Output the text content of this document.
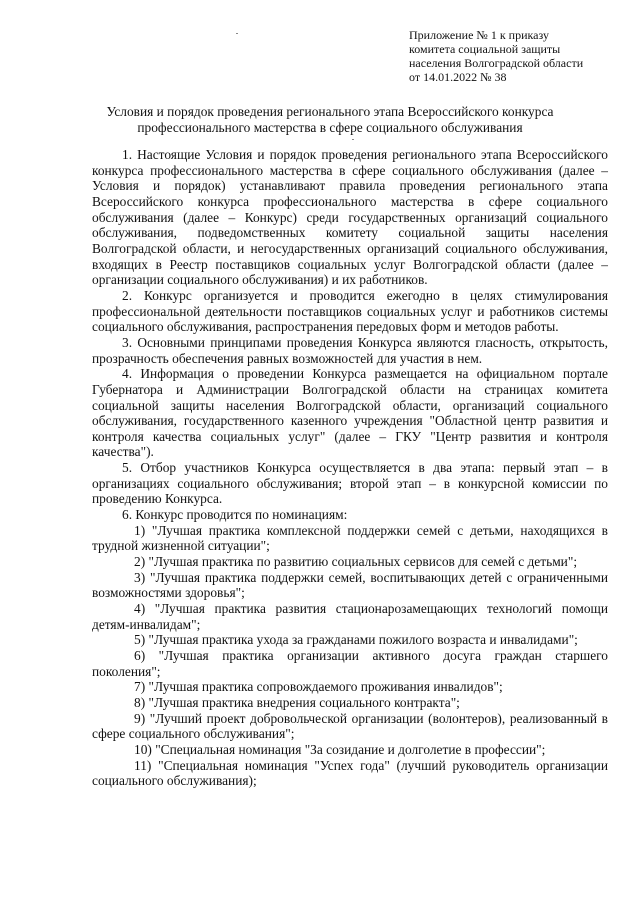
Приложение № 1 к приказу
комитета социальной защиты
населения Волгоградской области
от 14.01.2022 № 38
Условия и порядок проведения регионального этапа Всероссийского конкурса
профессионального мастерства в сфере социального обслуживания

1. Настоящие Условия и порядок проведения регионального этапа Всероссийского конкурса профессионального мастерства в сфере социального обслуживания (далее – Условия и порядок) устанавливают правила проведения регионального этапа Всероссийского конкурса профессионального мастерства в сфере социального обслуживания (далее – Конкурс) среди государственных организаций социального обслуживания, подведомственных комитету социальной защиты населения Волгоградской области, и негосударственных организаций социального обслуживания, входящих в Реестр поставщиков социальных услуг Волгоградской области (далее – организации социального обслуживания) и их работников.

2. Конкурс организуется и проводится ежегодно в целях стимулирования профессиональной деятельности поставщиков социальных услуг и работников системы социального обслуживания, распространения передовых форм и методов работы.

3. Основными принципами проведения Конкурса являются гласность, открытость, прозрачность обеспечения равных возможностей для участия в нем.

4. Информация о проведении Конкурса размещается на официальном портале Губернатора и Администрации Волгоградской области на страницах комитета социальной защиты населения Волгоградской области, организаций социального обслуживания, государственного казенного учреждения "Областной центр развития и контроля качества социальных услуг" (далее – ГКУ "Центр развития и контроля качества").

5. Отбор участников Конкурса осуществляется в два этапа: первый этап – в организациях социального обслуживания; второй этап – в конкурсной комиссии по проведению Конкурса.

6. Конкурс проводится по номинациям:

1) "Лучшая практика комплексной поддержки семей с детьми, находящихся в трудной жизненной ситуации";

2) "Лучшая практика по развитию социальных сервисов для семей с детьми";

3) "Лучшая практика поддержки семей, воспитывающих детей с ограниченными возможностями здоровья";

4) "Лучшая практика развития стационарозамещающих технологий помощи детям-инвалидам";

5) "Лучшая практика ухода за гражданами пожилого возраста и инвалидами";

6) "Лучшая практика организации активного досуга граждан старшего поколения";

7) "Лучшая практика сопровождаемого проживания инвалидов";

8) "Лучшая практика внедрения социального контракта";

9) "Лучший проект добровольческой организации (волонтеров), реализованный в сфере социального обслуживания";

10) "Специальная номинация "За созидание и долголетие в профессии";

11) "Специальная номинация "Успех года" (лучший руководитель организации социального обслуживания);
